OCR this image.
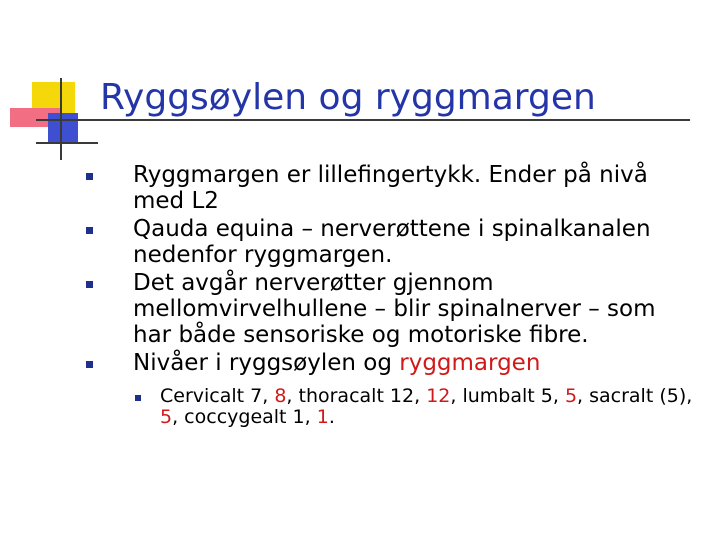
Ryggsøylen og ryggmargen
Ryggmargen er lillefingertykk. Ender på nivå med L2
Qauda equina – nerverøttene i spinalkanalen nedenfor ryggmargen.
Det avgår nerverøtter gjennom mellomvirvelhullene – blir spinalnerver – som har både sensoriske og motoriske fibre.
Nivåer i ryggsøylen og ryggmargen
Cervicalt 7, 8, thoracalt 12, 12, lumbalt 5, 5, sacralt (5), 5, coccygealt 1, 1.
